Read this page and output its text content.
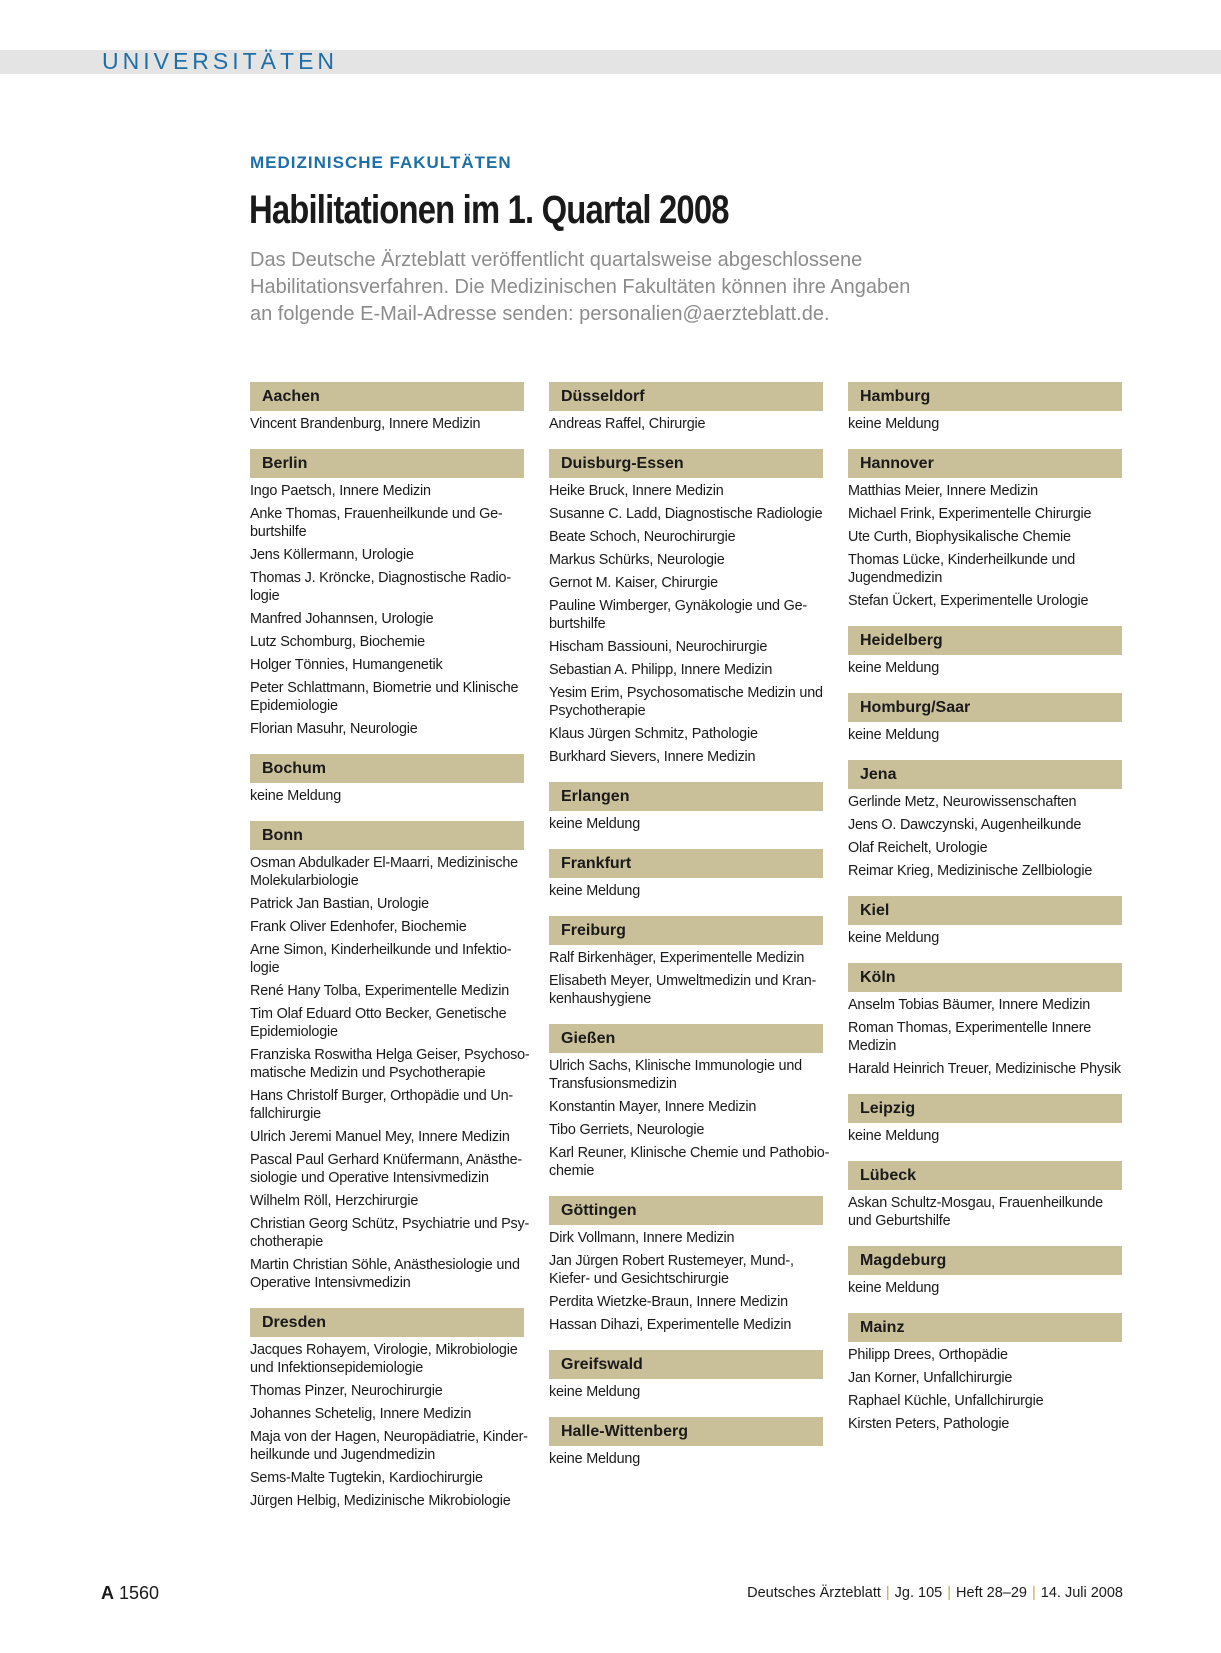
UNIVERSITÄTEN
MEDIZINISCHE FAKULTÄTEN
Habilitationen im 1. Quartal 2008
Das Deutsche Ärzteblatt veröffentlicht quartalsweise abgeschlossene
Habilitationsverfahren. Die Medizinischen Fakultäten können ihre Angaben
an folgende E-Mail-Adresse senden: personalien@aerzteblatt.de.
Aachen
Vincent Brandenburg, Innere Medizin
Berlin
Ingo Paetsch, Innere Medizin
Anke Thomas, Frauenheilkunde und Ge-
burtshilfe
Jens Köllermann, Urologie
Thomas J. Kröncke, Diagnostische Radio-
logie
Manfred Johannsen, Urologie
Lutz Schomburg, Biochemie
Holger Tönnies, Humangenetik
Peter Schlattmann, Biometrie und Klinische
Epidemiologie
Florian Masuhr, Neurologie
Bochum
keine Meldung
Bonn
Osman Abdulkader El-Maarri, Medizinische
Molekularbiologie
Patrick Jan Bastian, Urologie
Frank Oliver Edenhofer, Biochemie
Arne Simon, Kinderheilkunde und Infektio-
logie
René Hany Tolba, Experimentelle Medizin
Tim Olaf Eduard Otto Becker, Genetische
Epidemiologie
Franziska Roswitha Helga Geiser, Psychoso-
matische Medizin und Psychotherapie
Hans Christolf Burger, Orthopädie und Un-
fallchirurgie
Ulrich Jeremi Manuel Mey, Innere Medizin
Pascal Paul Gerhard Knüfermann, Anästhe-
siologie und Operative Intensivmedizin
Wilhelm Röll, Herzchirurgie
Christian Georg Schütz, Psychiatrie und Psy-
chotherapie
Martin Christian Söhle, Anästhesiologie und
Operative Intensivmedizin
Dresden
Jacques Rohayem, Virologie, Mikrobiologie
und Infektionsepidemiologie
Thomas Pinzer, Neurochirurgie
Johannes Schetelig, Innere Medizin
Maja von der Hagen, Neuropädiatrie, Kinder-
heilkunde und Jugendmedizin
Sems-Malte Tugtekin, Kardiochirurgie
Jürgen Helbig, Medizinische Mikrobiologie
Düsseldorf
Andreas Raffel, Chirurgie
Duisburg-Essen
Heike Bruck, Innere Medizin
Susanne C. Ladd, Diagnostische Radiologie
Beate Schoch, Neurochirurgie
Markus Schürks, Neurologie
Gernot M. Kaiser, Chirurgie
Pauline Wimberger, Gynäkologie und Ge-
burtshilfe
Hischam Bassiouni, Neurochirurgie
Sebastian A. Philipp, Innere Medizin
Yesim Erim, Psychosomatische Medizin und
Psychotherapie
Klaus Jürgen Schmitz, Pathologie
Burkhard Sievers, Innere Medizin
Erlangen
keine Meldung
Frankfurt
keine Meldung
Freiburg
Ralf Birkenhäger, Experimentelle Medizin
Elisabeth Meyer, Umweltmedizin und Kran-
kenhaushygiene
Gießen
Ulrich Sachs, Klinische Immunologie und
Transfusionsmedizin
Konstantin Mayer, Innere Medizin
Tibo Gerriets, Neurologie
Karl Reuner, Klinische Chemie und Pathobio-
chemie
Göttingen
Dirk Vollmann, Innere Medizin
Jan Jürgen Robert Rustemeyer, Mund-,
Kiefer- und Gesichtschirurgie
Perdita Wietzke-Braun, Innere Medizin
Hassan Dihazi, Experimentelle Medizin
Greifswald
keine Meldung
Halle-Wittenberg
keine Meldung
Hamburg
keine Meldung
Hannover
Matthias Meier, Innere Medizin
Michael Frink, Experimentelle Chirurgie
Ute Curth, Biophysikalische Chemie
Thomas Lücke, Kinderheilkunde und
Jugendmedizin
Stefan Ückert, Experimentelle Urologie
Heidelberg
keine Meldung
Homburg/Saar
keine Meldung
Jena
Gerlinde Metz, Neurowissenschaften
Jens O. Dawczynski, Augenheilkunde
Olaf Reichelt, Urologie
Reimar Krieg, Medizinische Zellbiologie
Kiel
keine Meldung
Köln
Anselm Tobias Bäumer, Innere Medizin
Roman Thomas, Experimentelle Innere
Medizin
Harald Heinrich Treuer, Medizinische Physik
Leipzig
keine Meldung
Lübeck
Askan Schultz-Mosgau, Frauenheilkunde
und Geburtshilfe
Magdeburg
keine Meldung
Mainz
Philipp Drees, Orthopädie
Jan Korner, Unfallchirurgie
Raphael Küchle, Unfallchirurgie
Kirsten Peters, Pathologie
A 1560	Deutsches Ärzteblatt | Jg. 105 | Heft 28–29 | 14. Juli 2008
